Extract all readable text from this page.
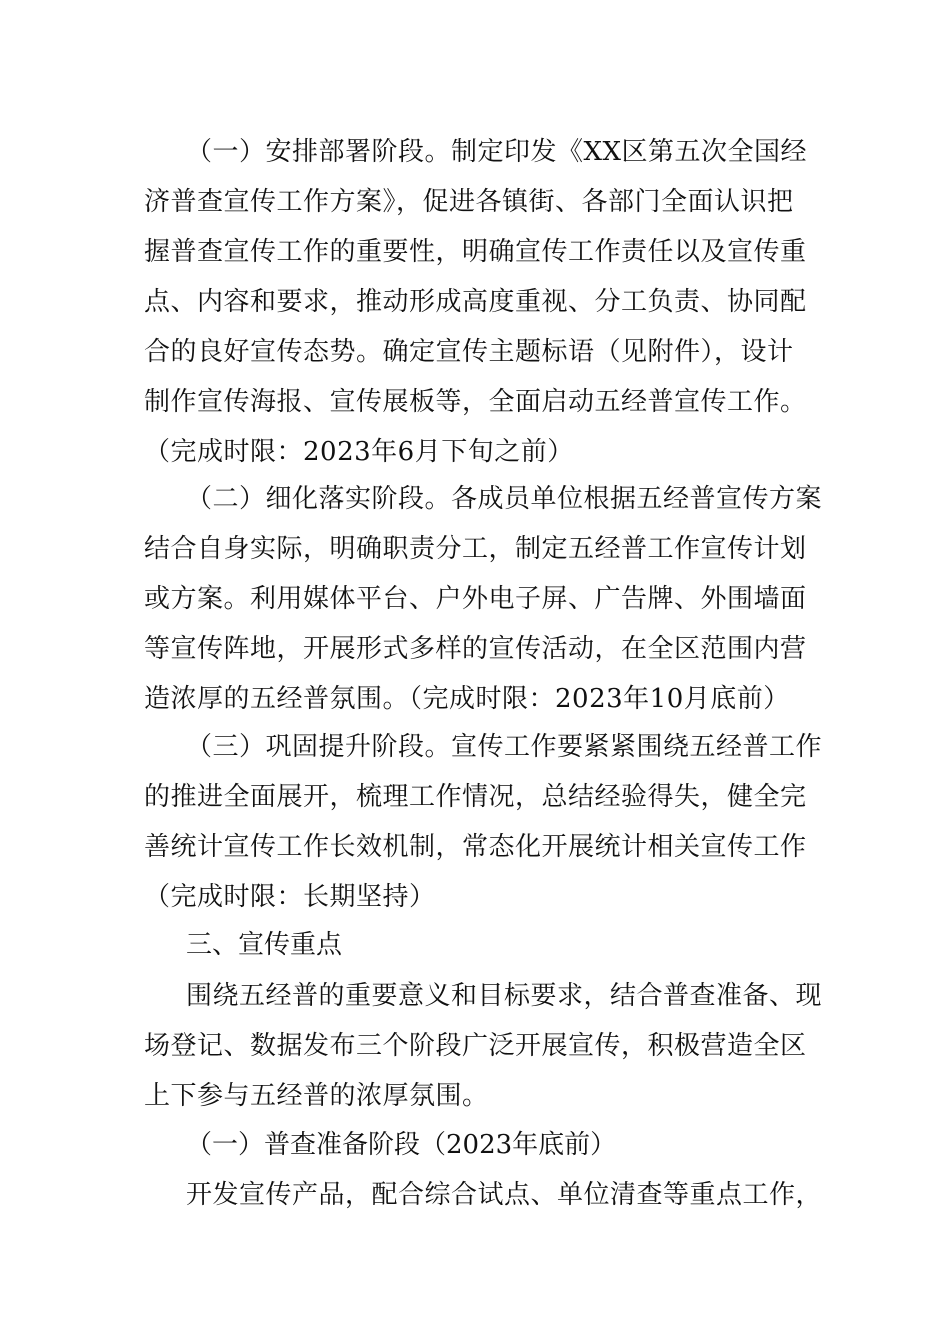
（一）安排部署阶段。制定印发《XX区第五次全国经
济普查宣传工作方案》，促进各镇街、各部门全面认识把
握普查宣传工作的重要性，明确宣传工作责任以及宣传重
点、内容和要求，推动形成高度重视、分工负责、协同配
合的良好宣传态势。确定宣传主题标语（见附件），设计
制作宣传海报、宣传展板等，全面启动五经普宣传工作。
（完成时限：2023年6月下旬之前）
（二）细化落实阶段。各成员单位根据五经普宣传方案
结合自身实际，明确职责分工，制定五经普工作宣传计划
或方案。利用媒体平台、户外电子屏、广告牌、外围墙面
等宣传阵地，开展形式多样的宣传活动，在全区范围内营
造浓厚的五经普氛围。（完成时限：2023年10月底前）
（三）巩固提升阶段。宣传工作要紧紧围绕五经普工作
的推进全面展开，梳理工作情况，总结经验得失，健全完
善统计宣传工作长效机制，常态化开展统计相关宣传工作
（完成时限：长期坚持）
三、宣传重点
围绕五经普的重要意义和目标要求，结合普查准备、现
场登记、数据发布三个阶段广泛开展宣传，积极营造全区
上下参与五经普的浓厚氛围。
（一）普查准备阶段（2023年底前）
开发宣传产品，配合综合试点、单位清查等重点工作，
